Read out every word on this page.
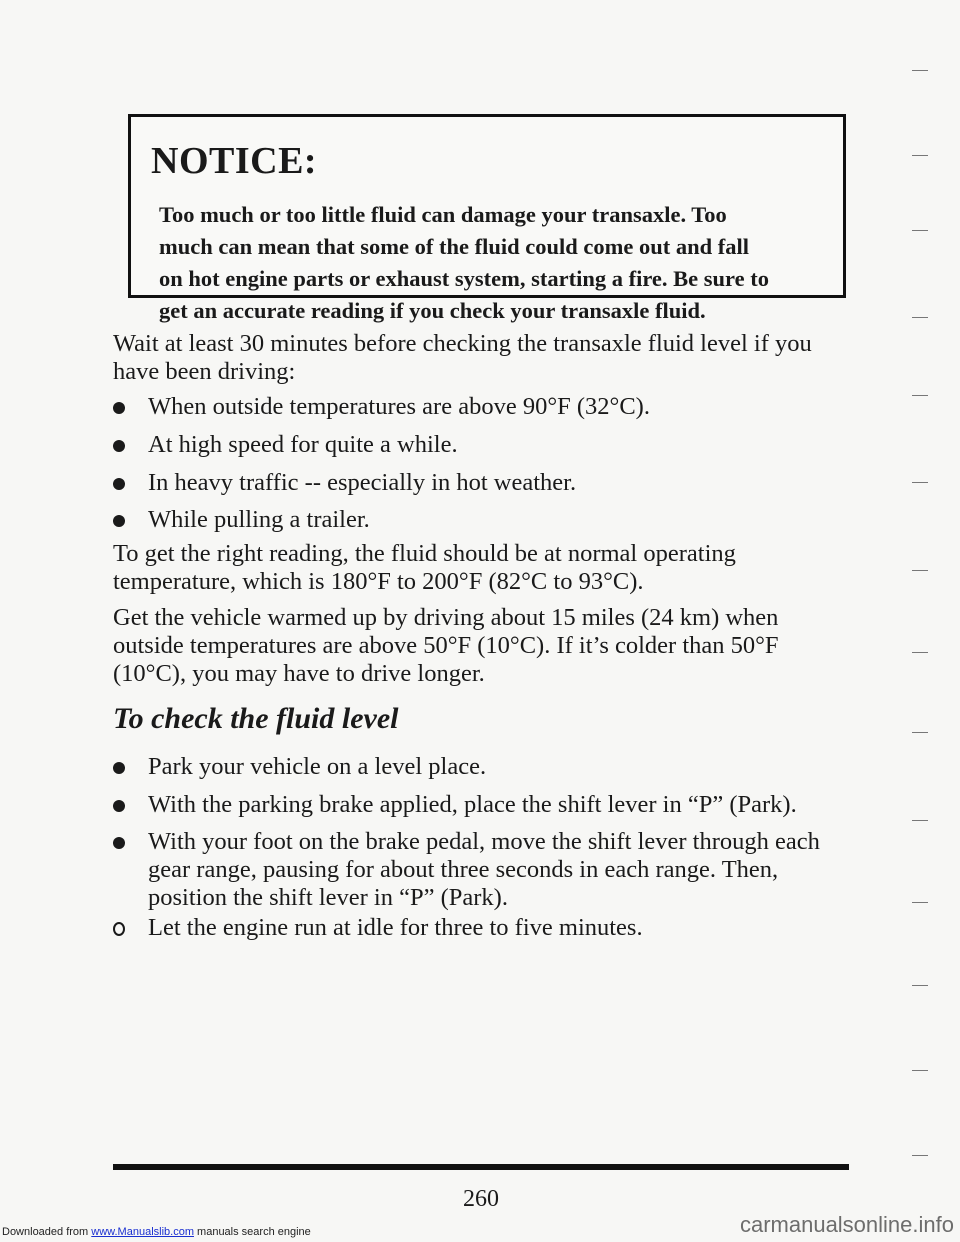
NOTICE:
Too much or too little fluid can damage your transaxle. Too
much can mean that some of the fluid could come out and fall
on hot engine parts or exhaust system, starting a fire. Be sure to
get an accurate reading if you check your transaxle fluid.
Wait at least 30 minutes before checking the transaxle fluid level if you
have been driving:
When outside temperatures are above 90°F (32°C).
At high speed for quite a while.
In heavy traffic -- especially in hot weather.
While pulling a trailer.
To get the right reading, the fluid should be at normal operating
temperature, which is 180°F to 200°F (82°C to 93°C).
Get the vehicle warmed up by driving about 15 miles (24 km) when
outside temperatures are above 50°F (10°C). If it’s colder than 50°F
(10°C), you may have to drive longer.
To check the fluid level
Park your vehicle on a level place.
With the parking brake applied, place the shift lever in “P” (Park).
With your foot on the brake pedal, move the shift lever through each
gear range, pausing for about three seconds in each range. Then,
position the shift lever in “P” (Park).
Let the engine run at idle for three to five minutes.
260
Downloaded from www.Manualslib.com manuals search engine	carmanualsonline.info
